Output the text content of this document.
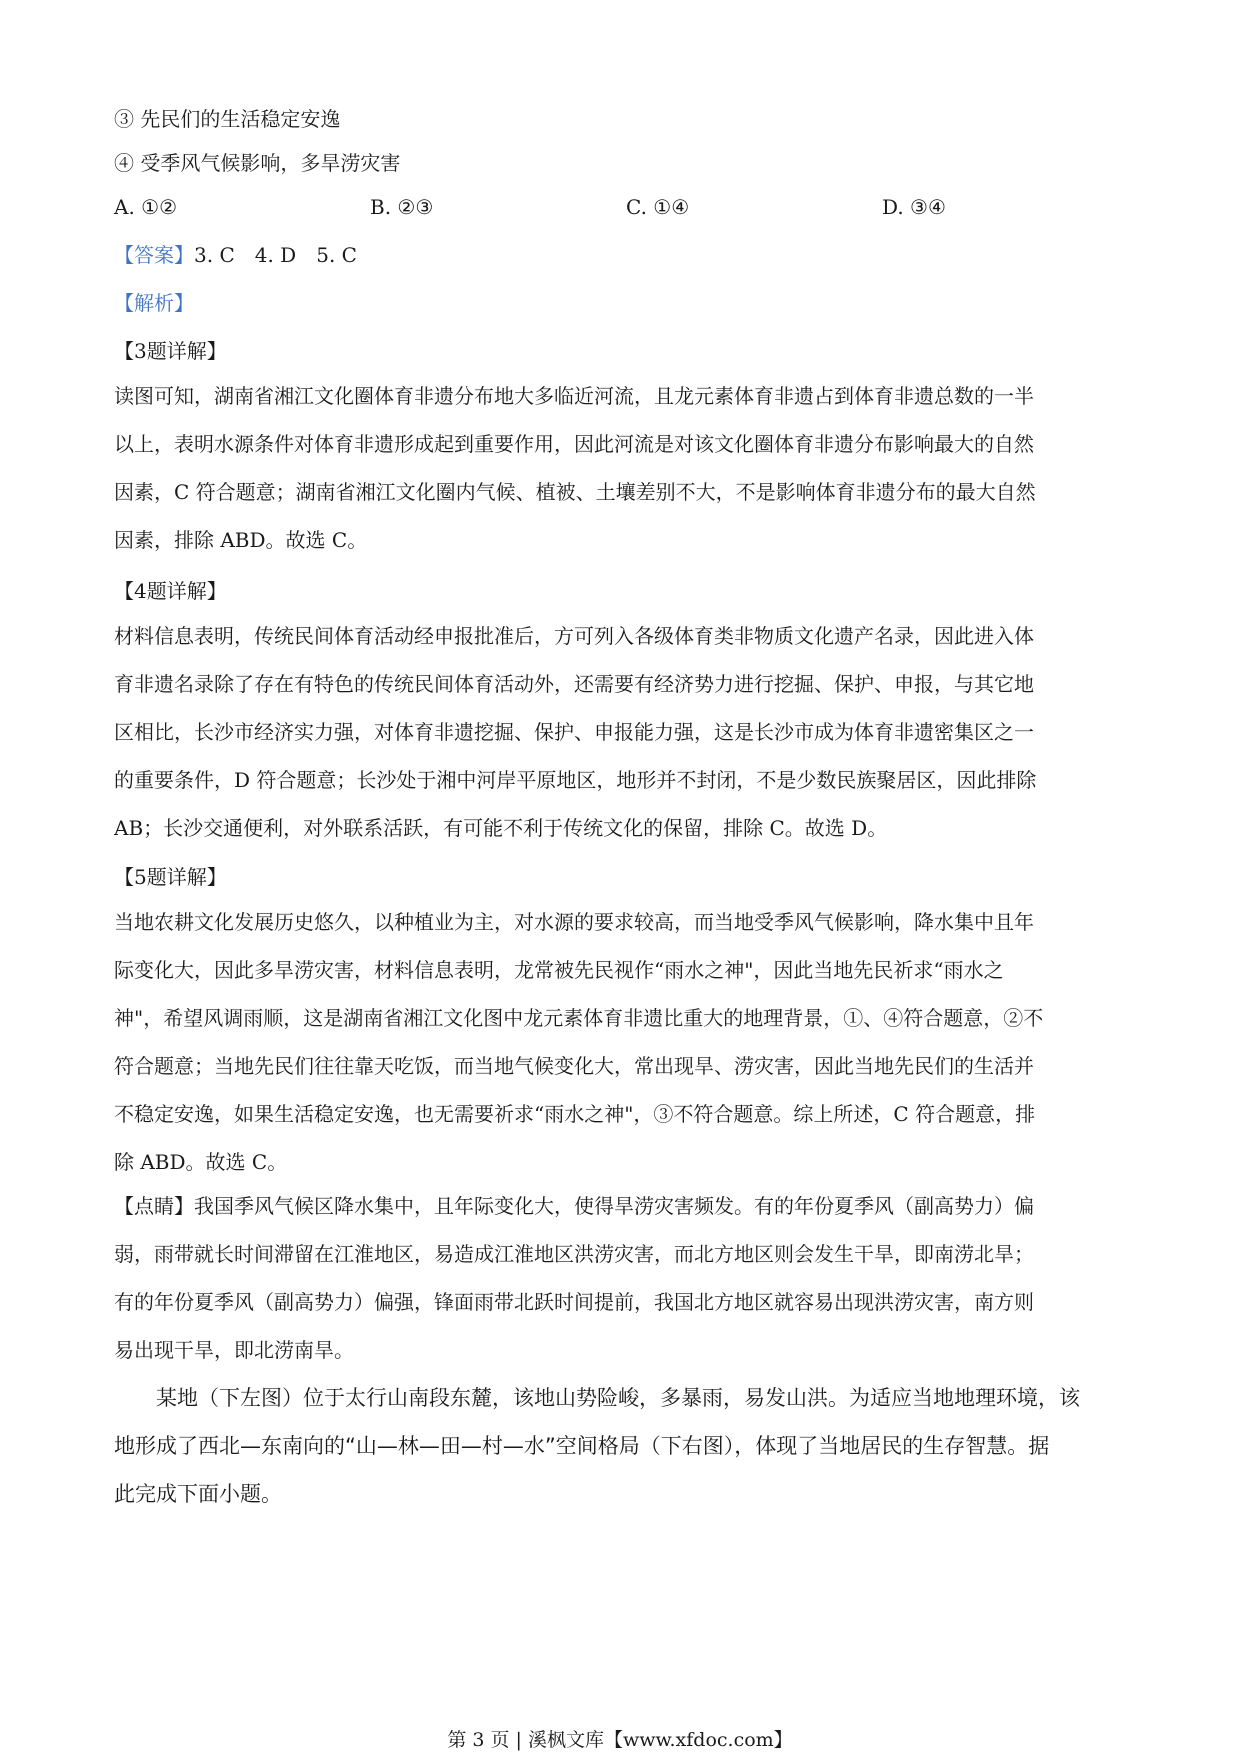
③ 先民们的生活稳定安逸
④ 受季风气候影响，多旱涝灾害
A. ①②	B. ②③	C. ①④	D. ③④
【答案】3. C　4. D　5. C
【解析】
【3题详解】
读图可知，湖南省湘江文化圈体育非遗分布地大多临近河流，且龙元素体育非遗占到体育非遗总数的一半
以上，表明水源条件对体育非遗形成起到重要作用，因此河流是对该文化圈体育非遗分布影响最大的自然
因素，C 符合题意；湖南省湘江文化圈内气候、植被、土壤差别不大，不是影响体育非遗分布的最大自然
因素，排除 ABD。故选 C。
【4题详解】
材料信息表明，传统民间体育活动经申报批准后，方可列入各级体育类非物质文化遗产名录，因此进入体
育非遗名录除了存在有特色的传统民间体育活动外，还需要有经济势力进行挖掘、保护、申报，与其它地
区相比，长沙市经济实力强，对体育非遗挖掘、保护、申报能力强，这是长沙市成为体育非遗密集区之一
的重要条件，D 符合题意；长沙处于湘中河岸平原地区，地形并不封闭，不是少数民族聚居区，因此排除
AB；长沙交通便利，对外联系活跃，有可能不利于传统文化的保留，排除 C。故选 D。
【5题详解】
当地农耕文化发展历史悠久，以种植业为主，对水源的要求较高，而当地受季风气候影响，降水集中且年
际变化大，因此多旱涝灾害，材料信息表明，龙常被先民视作“雨水之神"，因此当地先民祈求“雨水之
神"，希望风调雨顺，这是湖南省湘江文化图中龙元素体育非遗比重大的地理背景，①、④符合题意，②不
符合题意；当地先民们往往靠天吃饭，而当地气候变化大，常出现旱、涝灾害，因此当地先民们的生活并
不稳定安逸，如果生活稳定安逸，也无需要祈求“雨水之神"，③不符合题意。综上所述，C 符合题意，排
除 ABD。故选 C。
【点睛】我国季风气候区降水集中，且年际变化大，使得旱涝灾害频发。有的年份夏季风（副高势力）偏
弱，雨带就长时间滞留在江淮地区，易造成江淮地区洪涝灾害，而北方地区则会发生干旱，即南涝北旱；
有的年份夏季风（副高势力）偏强，锋面雨带北跃时间提前，我国北方地区就容易出现洪涝灾害，南方则
易出现干旱，即北涝南旱。
　　某地（下左图）位于太行山南段东麓，该地山势险峻，多暴雨，易发山洪。为适应当地地理环境，该
地形成了西北—东南向的“山—林—田—村—水”空间格局（下右图），体现了当地居民的生存智慧。据
此完成下面小题。
第 3 页 | 溪枫文库【www.xfdoc.com】
